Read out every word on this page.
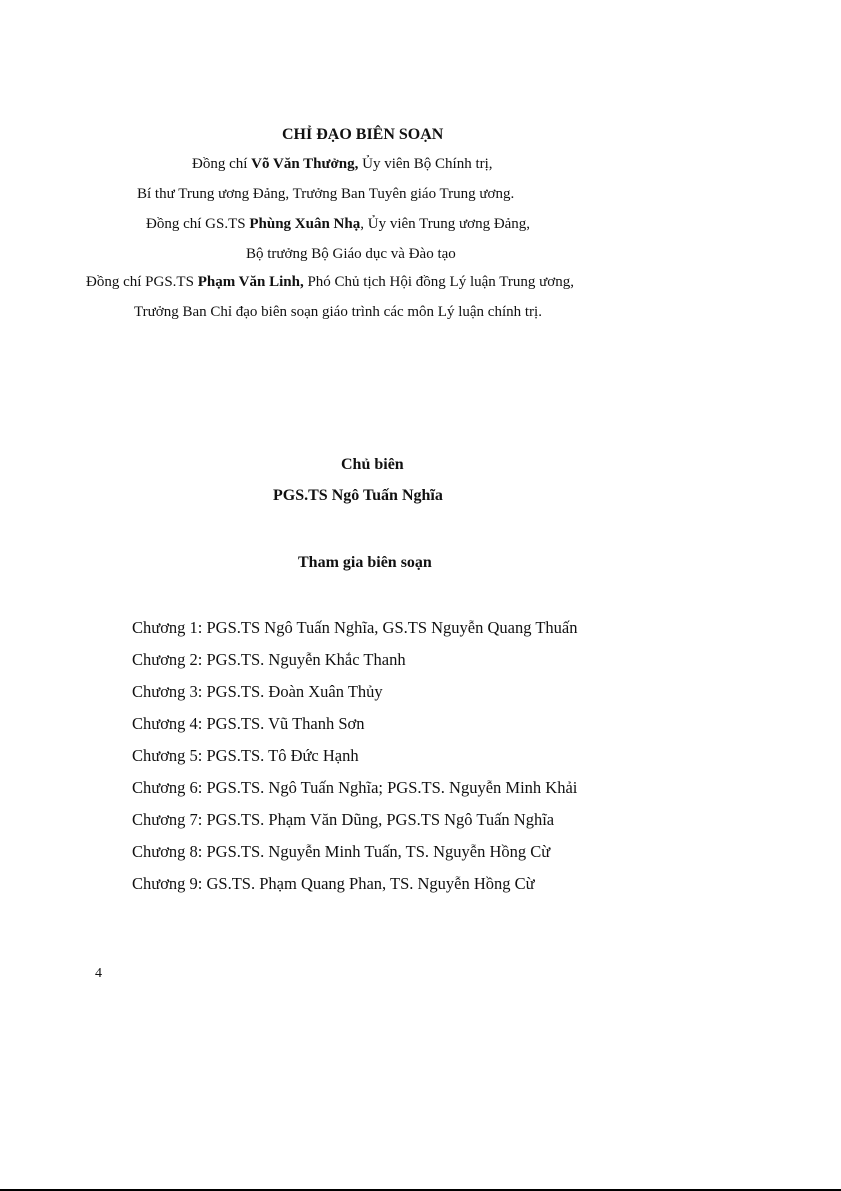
CHỈ ĐẠO BIÊN SOẠN
Đồng chí Võ Văn Thưởng, Ủy viên Bộ Chính trị,
Bí thư Trung ương Đảng, Trưởng Ban Tuyên giáo Trung ương.
Đồng chí GS.TS Phùng Xuân Nhạ, Ủy viên Trung ương Đảng,
Bộ trưởng Bộ Giáo dục và Đào tạo
Đồng chí PGS.TS Phạm Văn Linh, Phó Chủ tịch Hội đồng Lý luận Trung ương,
Trưởng Ban Chỉ đạo biên soạn giáo trình các môn Lý luận chính trị.
Chủ biên
PGS.TS Ngô Tuấn Nghĩa
Tham gia biên soạn
Chương 1: PGS.TS Ngô Tuấn Nghĩa, GS.TS Nguyễn Quang Thuấn
Chương 2: PGS.TS. Nguyễn Khắc Thanh
Chương 3: PGS.TS. Đoàn Xuân Thủy
Chương 4: PGS.TS. Vũ Thanh Sơn
Chương 5: PGS.TS. Tô Đức Hạnh
Chương 6: PGS.TS. Ngô Tuấn Nghĩa; PGS.TS. Nguyễn Minh Khải
Chương 7: PGS.TS. Phạm Văn Dũng, PGS.TS Ngô Tuấn Nghĩa
Chương 8: PGS.TS. Nguyễn Minh Tuấn, TS. Nguyễn Hồng Cừ
Chương 9: GS.TS. Phạm Quang Phan, TS. Nguyễn Hồng Cừ
4
